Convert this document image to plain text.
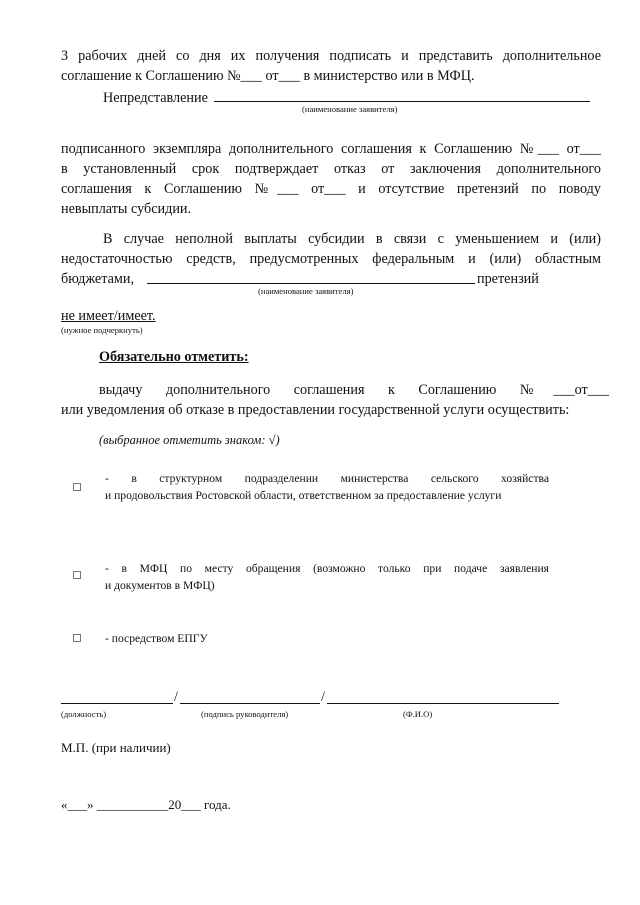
3 рабочих дней со дня их получения подписать и представить дополнительное
соглашение к Соглашению №___ от___ в министерство или в МФЦ.
Непредставление
(наименование заявителя)
подписанного экземпляра дополнительного соглашения к Соглашению №___ от___
в установленный срок подтверждает отказ от заключения дополнительного
соглашения к Соглашению №___ от___ и отсутствие претензий по поводу
невыплаты субсидии.
В случае неполной выплаты субсидии в связи с уменьшением и (или)
недостаточностью средств, предусмотренных федеральным и (или) областным
бюджетами,	претензий
(наименование заявителя)
не имеет/имеет.
(нужное подчеркнуть)
Обязательно отметить:
выдачу дополнительного соглашения к Соглашению №___от___
или уведомления об отказе в предоставлении государственной услуги осуществить:
(выбранное отметить знаком: √)
- в структурном подразделении министерства сельского хозяйства
и продовольствия Ростовской области, ответственном за предоставление услуги
- в МФЦ по месту обращения (возможно только при подаче заявления
и документов в МФЦ)
- посредством ЕПГУ
/	/
(должность)	(подпись руководителя)	(Ф.И.О)
М.П. (при наличии)
«___» ___________20___ года.
